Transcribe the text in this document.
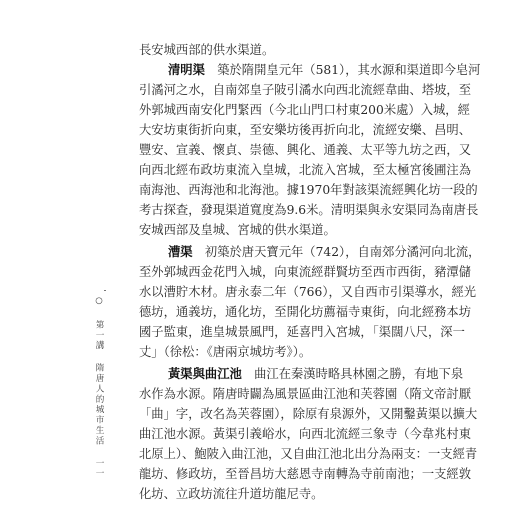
長安城西部的供水渠道。
清明渠  築於隋開皇元年（581），其水源和渠道即今皂河
引潏河之水，自南郊皇子陂引潏水向西北流經韋曲、塔坡，至
外郭城西南安化門緊西（今北山門口村東200米處）入城，經
大安坊東街折向東，至安樂坊後再折向北，流經安樂、昌明、
豐安、宣義、懷貞、崇德、興化、通義、太平等九坊之西，又
向西北經布政坊東流入皇城，北流入宮城，至太極宮後圃注為
南海池、西海池和北海池。據1970年對該渠流經興化坊一段的
考古探查，發現渠道寬度為9.6米。清明渠與永安渠同為南唐長
安城西部及皇城、宮城的供水渠道。
漕渠  初築於唐天寶元年（742），自南郊分潏河向北流，
至外郭城西金花門入城，向東流經群賢坊至西市西街，豬潭儲
水以漕貯木材。唐永泰二年（766），又自西市引渠導水，經光
德坊，通義坊，通化坊，至開化坊薦福寺東街，向北經務本坊
國子監東，進皇城景風門，延喜門入宮城，「渠闊八尺，深一
丈」（徐松：《唐兩京城坊考》）。
黃渠與曲江池  曲江在秦漢時略具林園之勝，有地下泉
水作為水源。隋唐時闢為風景區曲江池和芙蓉園（隋文帝討厭
「曲」字，改名為芙蓉園），除原有泉源外，又開鑿黃渠以擴大
曲江池水源。黃渠引義峪水，向西北流經三象寺（今韋兆村東
北原上）、鮑陂入曲江池，又自曲江池北出分為兩支：一支經青
龍坊、修政坊，至晉昌坊大慈恩寺南轉為寺前南池；一支經敦
化坊、立政坊流往升道坊龍尼寺。
○第一講隋唐人的城市生活一一
